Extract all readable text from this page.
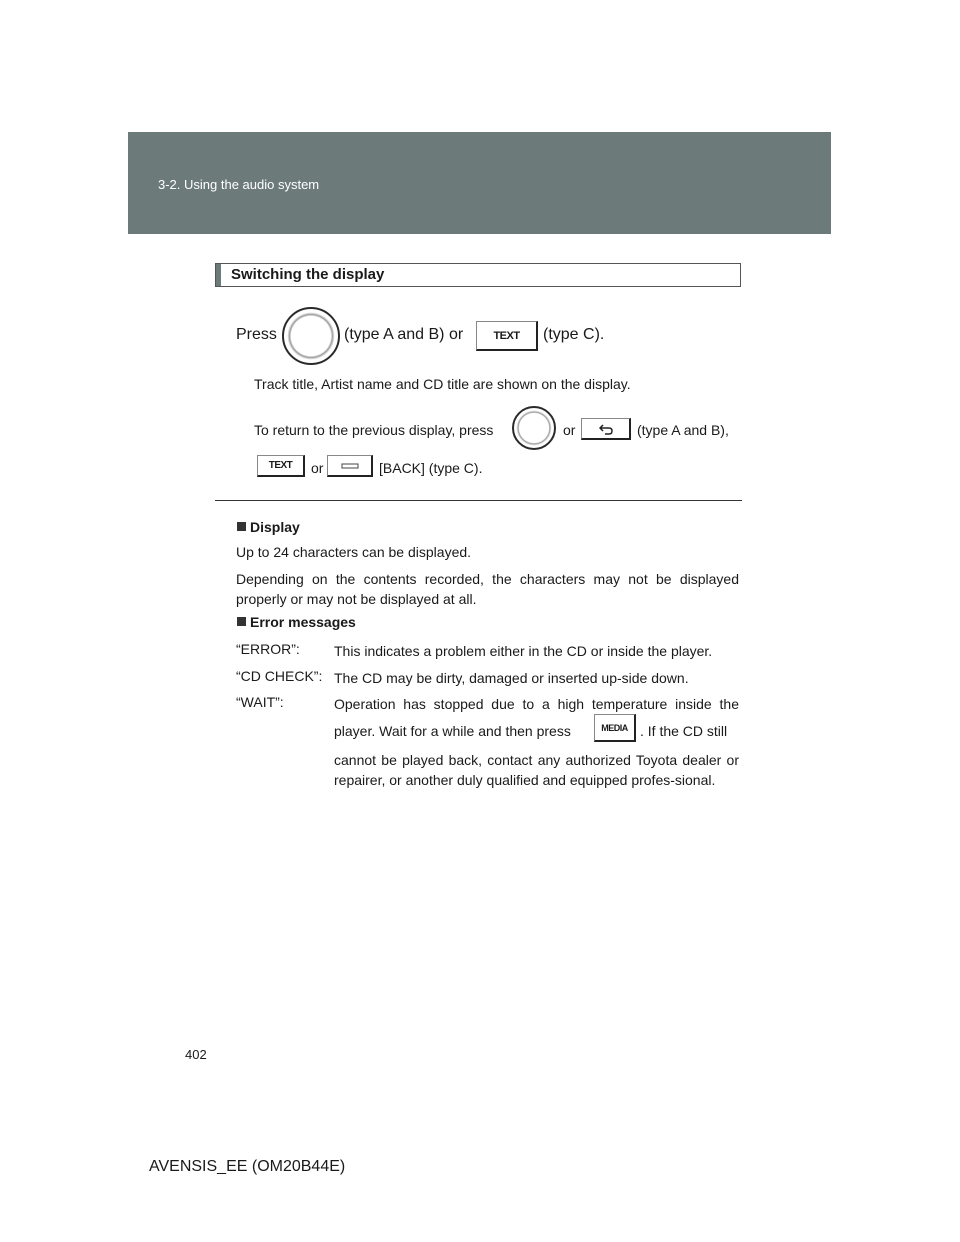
3-2. Using the audio system
Switching the display
Press	(type A and B) or	TEXT	(type C).
Track title, Artist name and CD title are shown on the display.
To return to the previous display, press	or	(type A and B),
TEXT	or	[BACK] (type C).
Display
Up to 24 characters can be displayed.
Depending on the contents recorded, the characters may not be displayed properly or may not be displayed at all.
Error messages
“ERROR”: This indicates a problem either in the CD or inside the player.
“CD CHECK”: The CD may be dirty, damaged or inserted up-side down.
“WAIT”:	Operation has stopped due to a high temperature inside the
player. Wait for a while and then press	MEDIA . If the CD still
cannot be played back, contact any authorized Toyota dealer or repairer, or another duly qualified and equipped profes-sional.
402
AVENSIS_EE (OM20B44E)
